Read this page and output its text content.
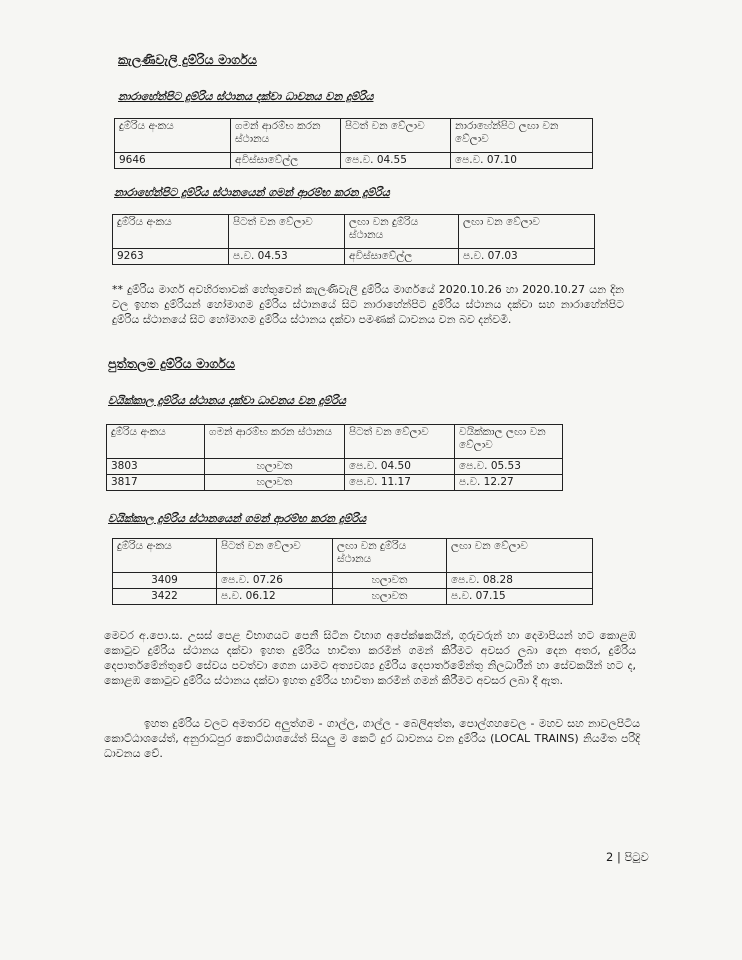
කැලණිවැලි දුම්රිය මාර්ගය
නාරාහේන්පිට දුම්රිය ස්ථානය දක්වා ධාවනය වන දුම්රිය
දුම්රිය අංකය	ගමන් ආරම්භ කරන ස්ථානය	පිටත් වන වේලාව	නාරාහේන්පිට ලඟා වන වේලාව
9646	අවිස්සාවේල්ල	පෙ.ව. 04.55	පෙ.ව. 07.10
නාරාහේන්පිට දුම්රිය ස්ථානයෙන් ගමන් ආරම්භ කරන දුම්රිය
දුම්රිය අංකය	පිටත් වන වේලාව	ලඟා වන දුම්රිය ස්ථානය	ලඟා වන වේලාව
9263	ප.ව. 04.53	අවිස්සාවේල්ල	ප.ව. 07.03

** දුම්රිය මාර්ග අවහිරතාවක් හේතුවෙන් කැලණිවැලි දුම්රිය මාර්ගයේ 2020.10.26 හා 2020.10.27 යන දින වල ඉහත දුම්රියන් හෝමාගම දුම්රිය ස්ථානයේ සිට නාරාහේන්පිට දුම්රිය ස්ථානය දක්වා සහ නාරාහේන්පිට දුම්රිය ස්ථානයේ සිට හෝමාගම දුම්රිය ස්ථානය දක්වා පමණක් ධාවනය වන බව දන්වමි.

පුත්තලම දුම්රිය මාර්ගය
වයික්කාල දුම්රිය ස්ථානය දක්වා ධාවනය වන දුම්රිය
දුම්රිය අංකය	ගමන් ආරම්භ කරන ස්ථානය	පිටත් වන වේලාව	වයික්කාල ලඟා වන වේලාව
3803	හලාවත	පෙ.ව. 04.50	පෙ.ව. 05.53
3817	හලාවත	පෙ.ව. 11.17	ප.ව. 12.27
වයික්කාල දුම්රිය ස්ථානයෙන් ගමන් ආරම්භ කරන දුම්රිය
දුම්රිය අංකය	පිටත් වන වේලාව	ලඟා වන දුම්රිය ස්ථානය	ලඟා වන වේලාව
3409	පෙ.ව. 07.26	හලාවත	පෙ.ව. 08.28
3422	ප.ව. 06.12	හලාවත	ප.ව. 07.15

මෙවර අ.පො.ස. උසස් පෙළ විභාගයට පෙනී සිටින විභාග අපේක්ෂකයින්, ගුරුවරුන් හා දෙමාපියන් හට කොළඹ කොටුව දුම්රිය ස්ථානය දක්වා ඉහත දුම්රිය භාවිතා කරමින් ගමන් කිරීමට අවසර ලබා දෙන අතර, දුම්රිය දෙපාර්තමේන්තුවේ සේවය පවත්වා ගෙන යාමට අත්‍යවශ්‍ය දුම්රිය දෙපාර්තමේන්තු නිලධාරීන් හා සේවකයින් හට ද, කොළඹ කොටුව දුම්රිය ස්ථානය දක්වා ඉහත දුම්රිය භාවිතා කරමින් ගමන් කිරීමට අවසර ලබා දී ඇත.

ඉහත දුම්රිය වලට අමතරව අලුත්ගම - ගාල්ල, ගාල්ල - බෙලිඅත්ත, පොල්ගහවෙල - මහව සහ නාවලපිටිය කොට්ඨාශයේත්, අනුරාධපුර කොට්ඨාශයේත් සියලු ම කෙටි දුර ධාවනය වන දුම්රිය (LOCAL TRAINS) නියමිත පරිදි ධාවනය වේ.

2 | පිටුව
